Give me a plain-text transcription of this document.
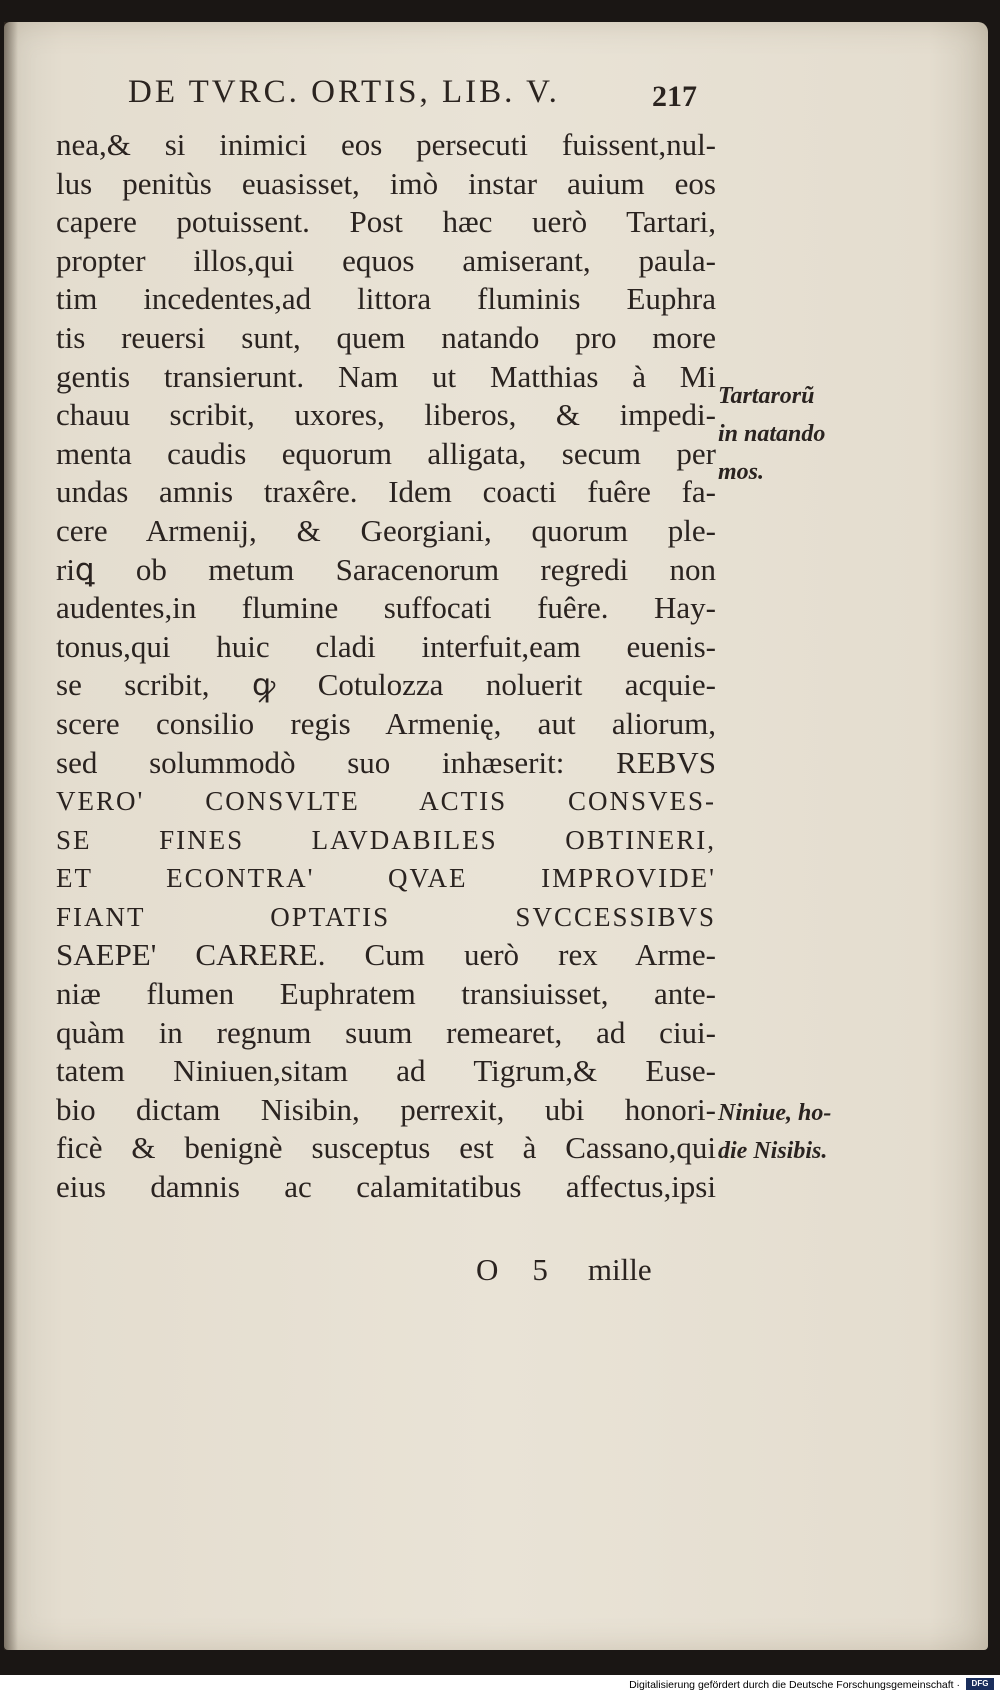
DE TVRC. ORTIS, LIB. V.	217
nea,& si inimici eos persecuti fuissent,nul-
lus penitùs euasisset, imò instar auium eos
capere potuissent. Post hæc uerò Tartari,
propter illos,qui equos amiserant, paula-
tim incedentes,ad littora fluminis Euphra
tis reuersi sunt, quem natando pro more
gentis transierunt. Nam ut Matthias à Mi
chauu scribit, uxores, liberos, & impedi-
menta caudis equorum alligata, secum per
undas amnis traxêre. Idem coacti fuêre fa-
cere Armenij, & Georgiani, quorum ple-
riꝗ ob metum Saracenorum regredi non
audentes,in flumine suffocati fuêre. Hay-
tonus,qui huic cladi interfuit,eam euenis-
se scribit, ꝙ Cotulozza noluerit acquie-
scere consilio regis Armenię, aut aliorum,
sed solummodò suo inhæserit: REBVS
VERO' CONSVLTE ACTIS CONSVES-
SE FINES LAVDABILES OBTINERI,
ET ECONTRA' QVAE IMPROVIDE'
FIANT OPTATIS SVCCESSIBVS
SAEPE' CARERE. Cum uerò rex Arme-
niæ flumen Euphratem transiuisset, ante-
quàm in regnum suum remearet, ad ciui-
tatem Niniuen,sitam ad Tigrum,& Euse-
bio dictam Nisibin, perrexit, ubi honori-
ficè & benignè susceptus est à Cassano,qui
eius damnis ac calamitatibus affectus,ipsi
O 5 mille
Tartarorũ
in natando
mos.
Niniue, ho-
die Nisibis.
Digitalisierung gefördert durch die Deutsche Forschungsgemeinschaft ·	DFG
